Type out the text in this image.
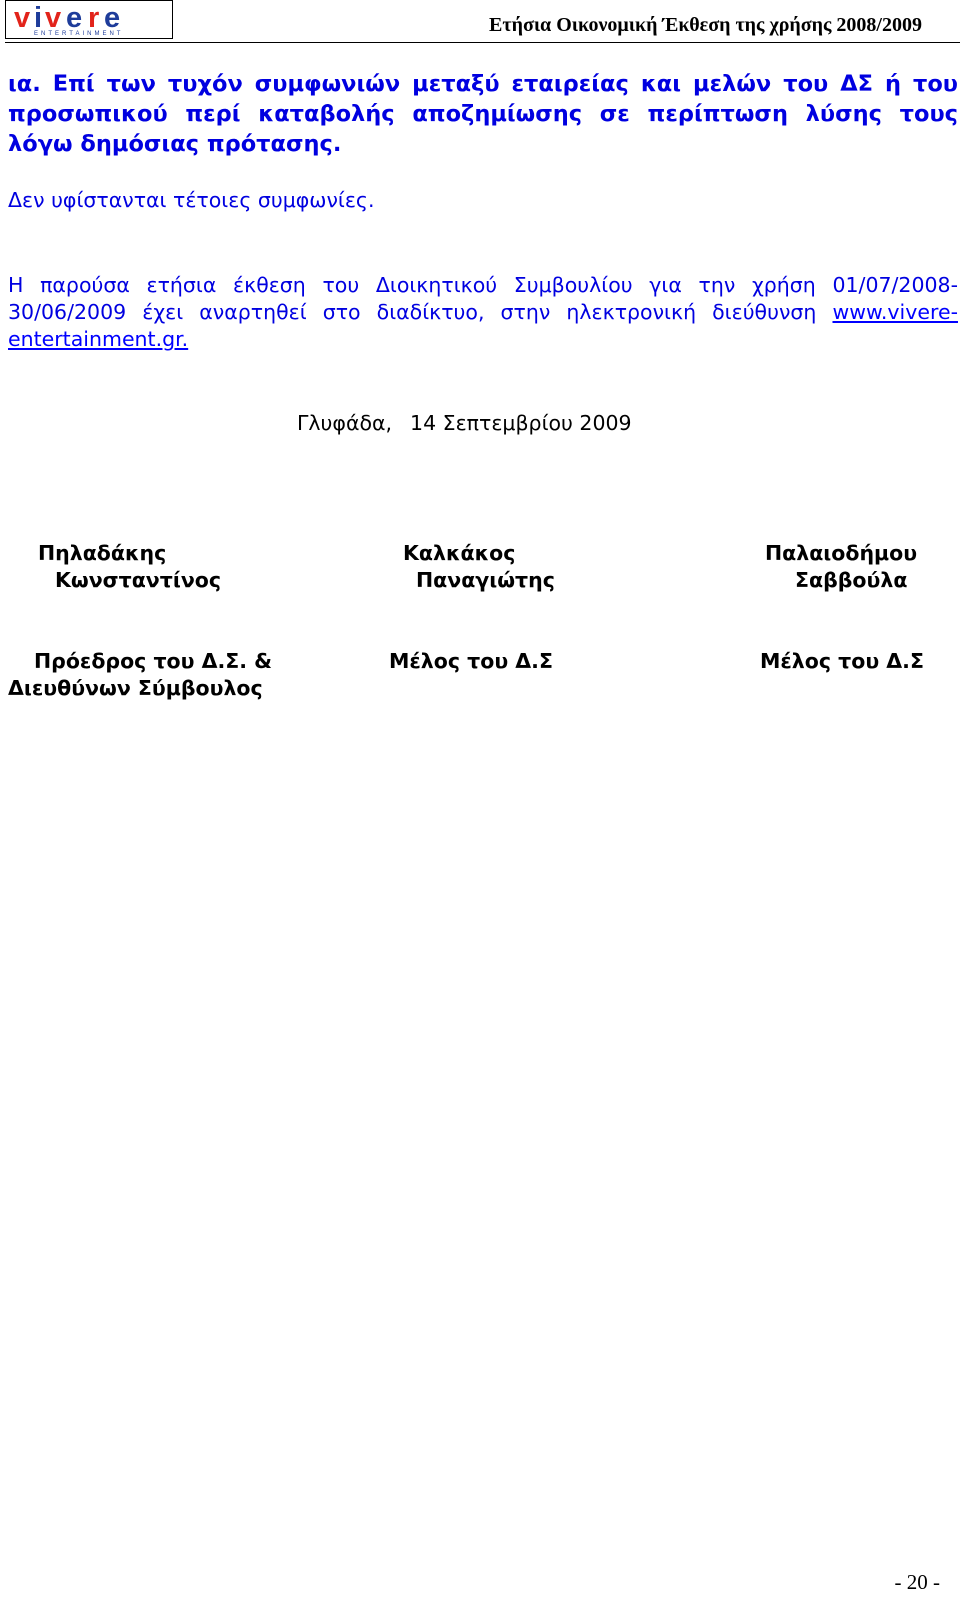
v i v e r e
ENTERTAINMENT	Ετήσια Οικονομική Έκθεση της χρήσης 2008/2009

ια. Επί των τυχόν συμφωνιών μεταξύ εταιρείας και μελών του ΔΣ ή του προσωπικού περί καταβολής αποζημίωσης σε περίπτωση λύσης τους λόγω δημόσιας πρότασης.

Δεν υφίστανται τέτοιες συμφωνίες.

Η παρούσα ετήσια έκθεση του Διοικητικού Συμβουλίου για την χρήση 01/07/2008-30/06/2009 έχει αναρτηθεί στο διαδίκτυο, στην ηλεκτρονική διεύθυνση www.vivere-entertainment.gr.

Γλυφάδα, 14 Σεπτεμβρίου 2009
Πηλαδάκης
Κωνσταντίνος
Καλκάκος
Παναγιώτης
Παλαιοδήμου
Σαββούλα
Πρόεδρος του Δ.Σ. &
Διευθύνων Σύμβουλος
Μέλος του Δ.Σ	Μέλος του Δ.Σ
- 20 -
